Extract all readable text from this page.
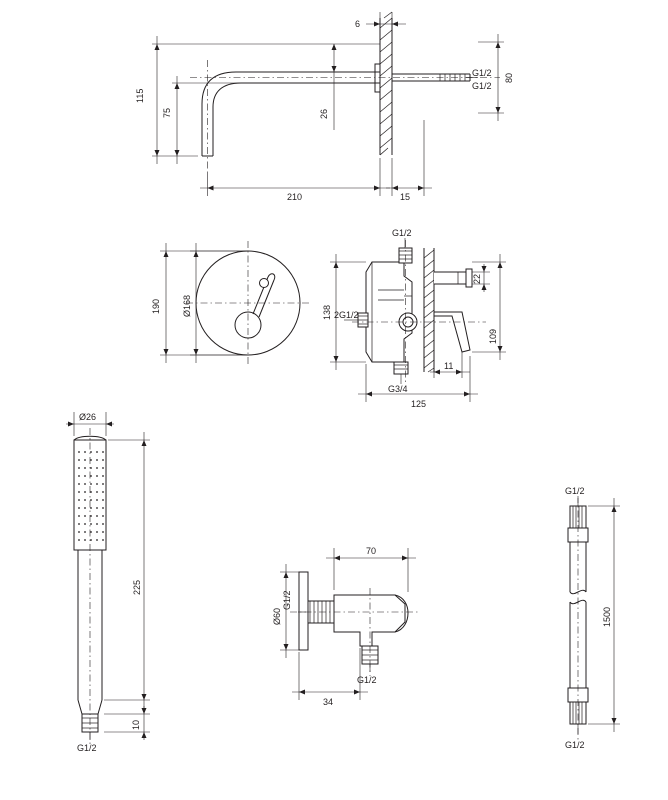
6
115
75	26
210	15
G1/2
G1/2
80
190 Ø168
G1/2
2G1/2
G3/4
138
22
109
11
125
Ø26
225
10
G1/2
70
Ø60
G1/2
G1/2
34
G1/2
1500
G1/2
